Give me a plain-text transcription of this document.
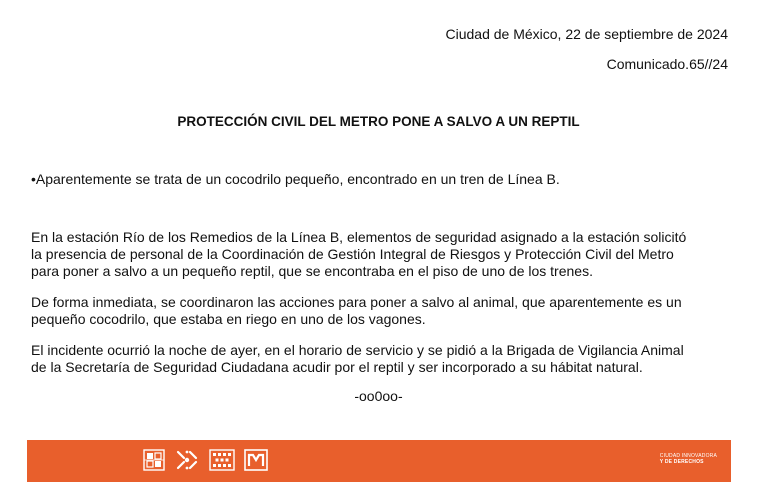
Ciudad de México, 22 de septiembre de 2024
Comunicado.65//24
PROTECCIÓN CIVIL DEL METRO PONE A SALVO A UN REPTIL
•Aparentemente se trata de un cocodrilo pequeño, encontrado en un tren de Línea B.
En la estación Río de los Remedios de la Línea B, elementos de seguridad asignado a la estación solicitó
la presencia de personal de la Coordinación de Gestión Integral de Riesgos y Protección Civil del Metro
para poner a salvo a un pequeño reptil, que se encontraba en el piso de uno de los trenes.
De forma inmediata, se coordinaron las acciones para poner a salvo al animal, que aparentemente es un
pequeño cocodrilo, que estaba en riego en uno de los vagones.
El incidente ocurrió la noche de ayer, en el horario de servicio y se pidió a la Brigada de Vigilancia Animal
de la Secretaría de Seguridad Ciudadana acudir por el reptil y ser incorporado a su hábitat natural.
-oo0oo-
CIUDAD INNOVADORA
Y DE DERECHOS
